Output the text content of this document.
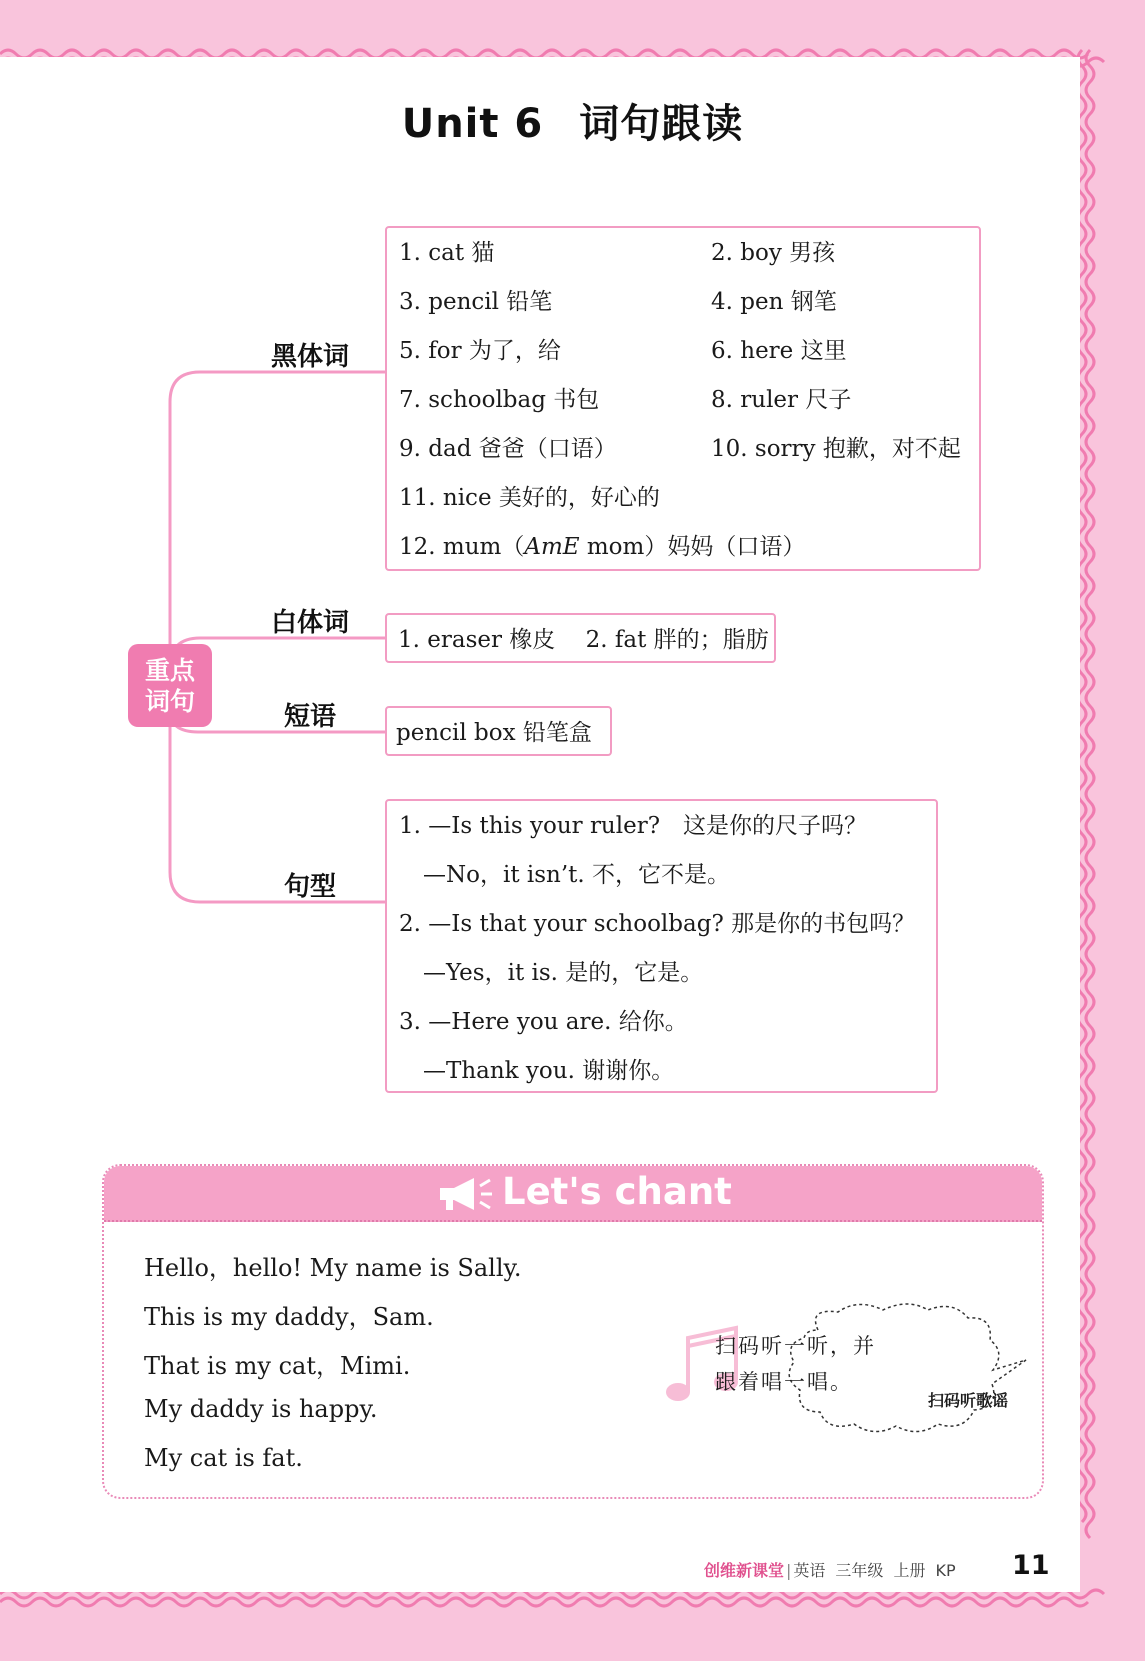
Unit 6 词句跟读
重点
词句
黑体词
白体词
短语
句型
1. cat 猫	2. boy 男孩
3. pencil 铅笔	4. pen 钢笔
5. for 为了，给	6. here 这里
7. schoolbag 书包	8. ruler 尺子
9. dad 爸爸（口语）	10. sorry 抱歉，对不起
11. nice 美好的，好心的
12. mum（AmE mom）妈妈（口语）
1. eraser 橡皮　 2. fat 胖的；脂肪
pencil box 铅笔盒
1. —Is this your ruler?　这是你的尺子吗？
—No，it isn’t. 不，它不是。
2. —Is that your schoolbag? 那是你的书包吗？
—Yes，it is. 是的，它是。
3. —Here you are. 给你。
—Thank you. 谢谢你。
Let's chant
Hello，hello! My name is Sally.
This is my daddy，Sam.
That is my cat，Mimi.
My daddy is happy.
My cat is fat.
扫码听一听，并
跟着唱一唱。
扫码听歌谣
创维新课堂 | 英语 三年级 上册 KP	11
